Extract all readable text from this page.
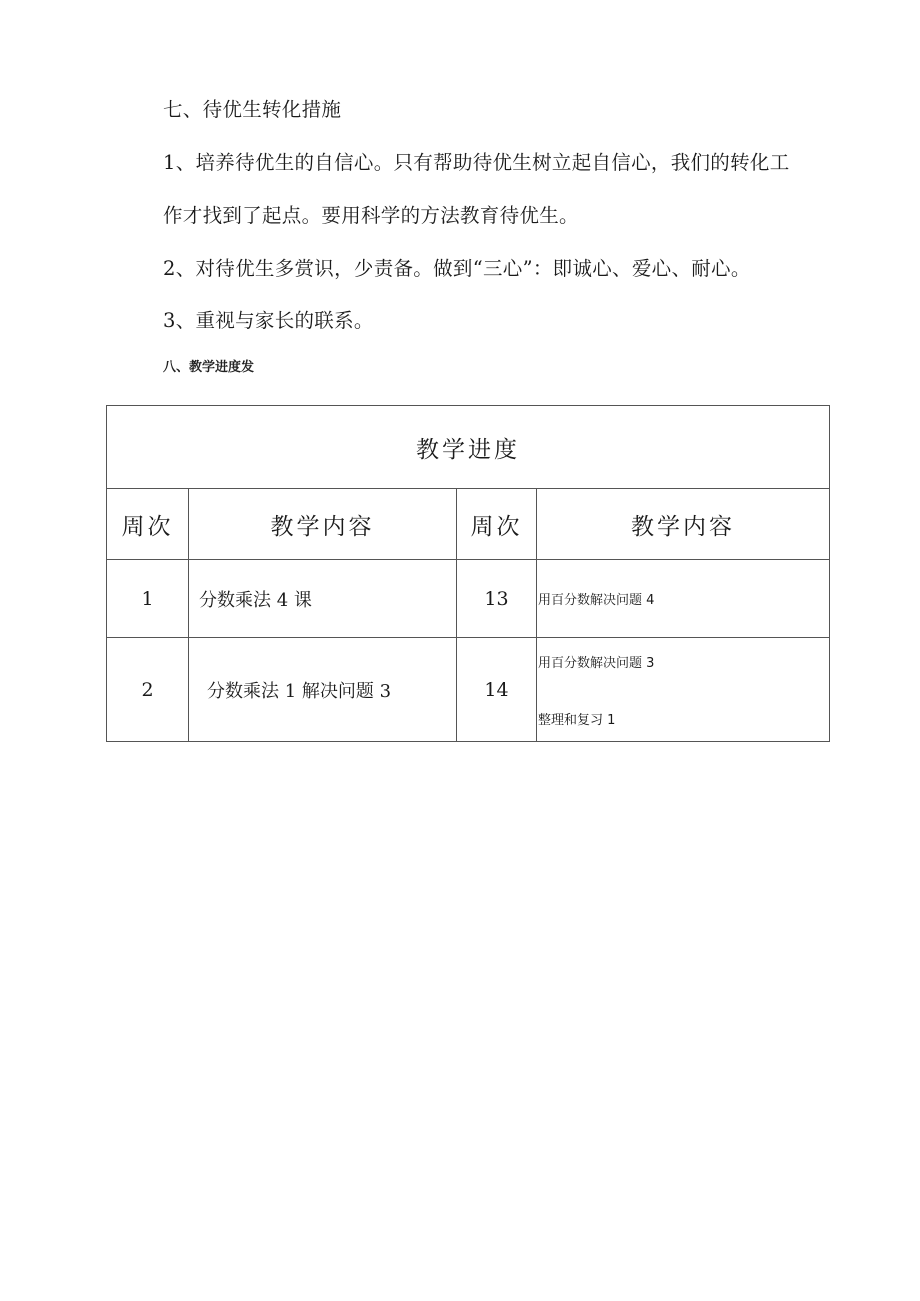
七、待优生转化措施
1、培养待优生的自信心。只有帮助待优生树立起自信心，我们的转化工
作才找到了起点。要用科学的方法教育待优生。
2、对待优生多赏识，少责备。做到“三心”：即诚心、爱心、耐心。
3、重视与家长的联系。
八、教学进度发
教学进度			
周次	教学内容	周次	教学内容
1	分数乘法 4 课	13	用百分数解决问题 4

2	分数乘法 1 解决问题 3	14	用百分数解决问题 3
整理和复习 1
